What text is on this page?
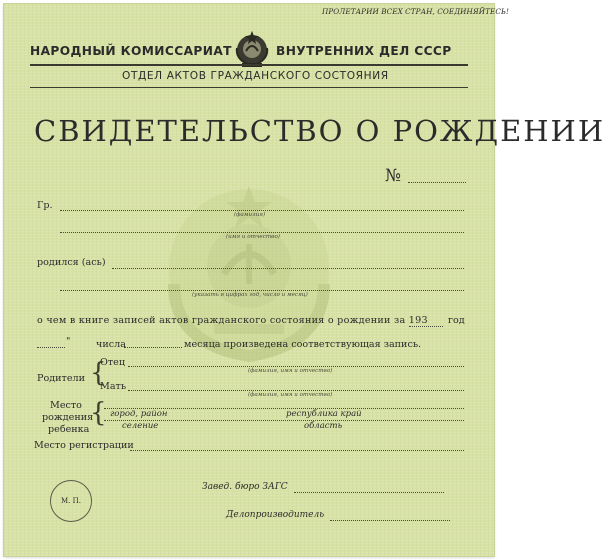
ПРОЛЕТАРИИ ВСЕХ СТРАН, СОЕДИНЯЙТЕСЬ!
НАРОДНЫЙ КОМИССАРИАТ	ВНУТРЕННИХ ДЕЛ СССР
ОТДЕЛ АКТОВ ГРАЖДАНСКОГО СОСТОЯНИЯ
СВИДЕТЕЛЬСТВО О РОЖДЕНИИ
№
Гр.
(фамилия)
(имя и отчество)
родился (ась)
(указать в цифрах год, число и месяц)
о чем в книге записей актов гражданского состояния о рождении за 193 год
"	числа	месяца произведена соответствующая запись.
Родители {
Отец
(фамилия, имя и отчество)
Мать
(фамилия, имя и отчество)
Место
рождения
ребенка
{ город, район	республика край
селение	область
Место регистрации
Завед. бюро ЗАГС
М. П.
Делопроизводитель
